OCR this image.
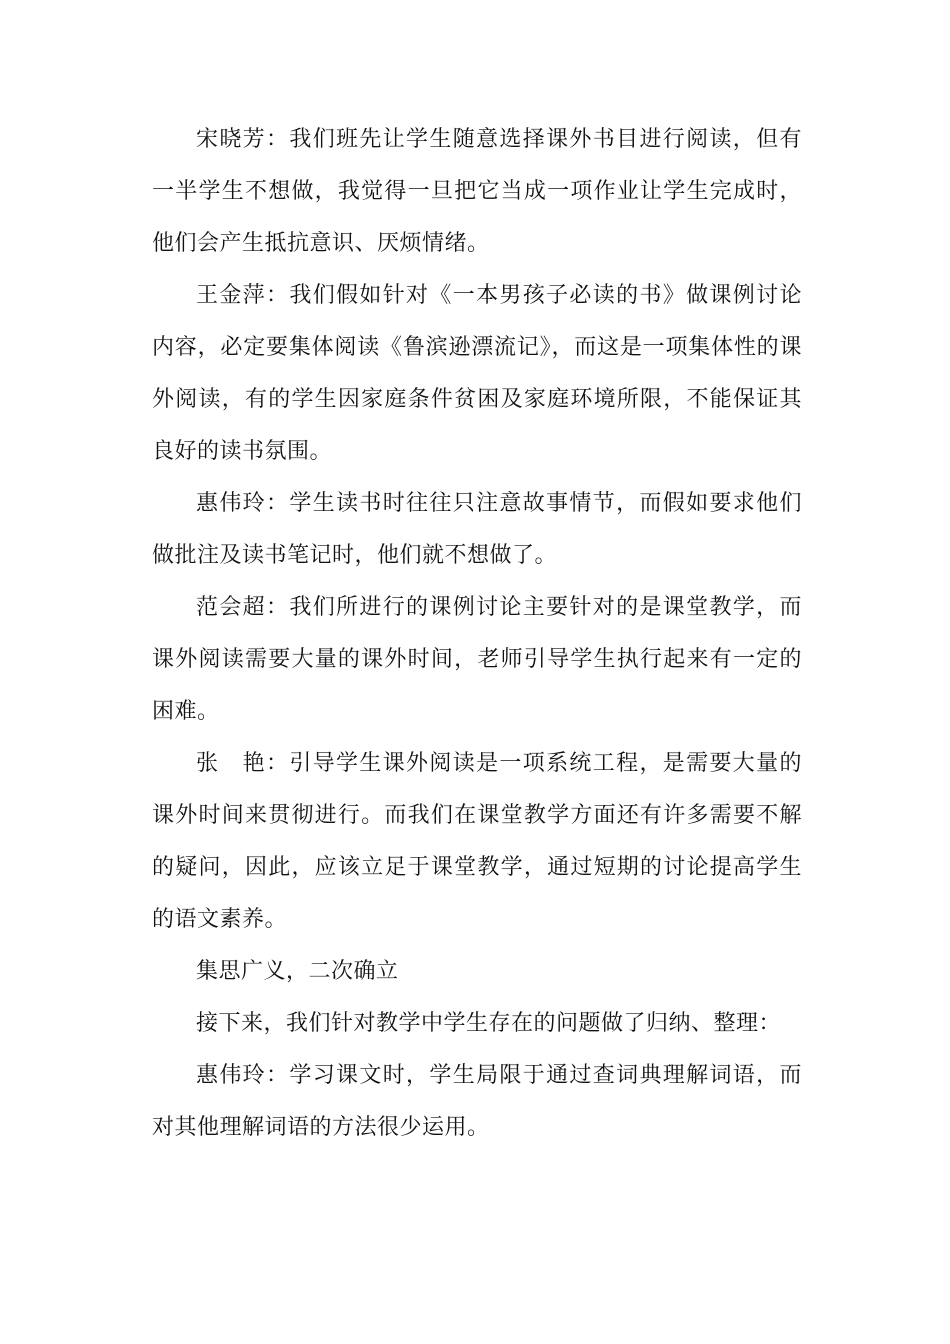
宋晓芳：我们班先让学生随意选择课外书目进行阅读，但有一半学生不想做，我觉得一旦把它当成一项作业让学生完成时，他们会产生抵抗意识、厌烦情绪。

王金萍：我们假如针对《一本男孩子必读的书》做课例讨论内容，必定要集体阅读《鲁滨逊漂流记》，而这是一项集体性的课外阅读，有的学生因家庭条件贫困及家庭环境所限，不能保证其良好的读书氛围。

惠伟玲：学生读书时往往只注意故事情节，而假如要求他们做批注及读书笔记时，他们就不想做了。

范会超：我们所进行的课例讨论主要针对的是课堂教学，而课外阅读需要大量的课外时间，老师引导学生执行起来有一定的困难。

张　艳：引导学生课外阅读是一项系统工程，是需要大量的课外时间来贯彻进行。而我们在课堂教学方面还有许多需要不解的疑问，因此，应该立足于课堂教学，通过短期的讨论提高学生的语文素养。

集思广义，二次确立

接下来，我们针对教学中学生存在的问题做了归纳、整理：

惠伟玲：学习课文时，学生局限于通过查词典理解词语，而对其他理解词语的方法很少运用。
